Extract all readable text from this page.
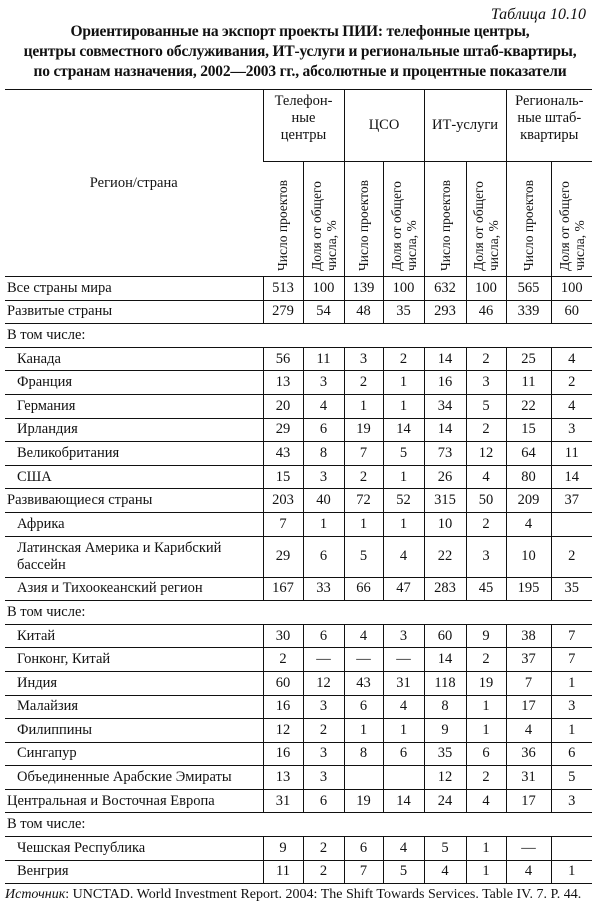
Таблица 10.10
Ориентированные на экспорт проекты ПИИ: телефонные центры,
центры совместного обслуживания, ИТ-услуги и региональные штаб-квартиры,
по странам назначения, 2002—2003 гг., абсолютные и процентные показатели
Регион/страна	Телефон-
ные
центры		ЦСО		ИТ-услуги		Региональ-
ные штаб-
квартиры	
	Число проектов	Доля от общего числа, %	Число проектов	Доля от общего числа, %	Число проектов	Доля от общего числа, %	Число проектов	Доля от общего числа, %
Все страны мира	513	100	139	100	632	100	565	100
Развитые страны	279	54	48	35	293	46	339	60
В том числе:								
Канада	56	11	3	2	14	2	25	4
Франция	13	3	2	1	16	3	11	2
Германия	20	4	1	1	34	5	22	4
Ирландия	29	6	19	14	14	2	15	3
Великобритания	43	8	7	5	73	12	64	11
США	15	3	2	1	26	4	80	14
Развивающиеся страны	203	40	72	52	315	50	209	37
Африка	7	1	1	1	10	2	4	
Латинская Америка и Карибский бассейн	29	6	5	4	22	3	10	2
Азия и Тихоокеанский регион	167	33	66	47	283	45	195	35
В том числе:								
Китай	30	6	4	3	60	9	38	7
Гонконг, Китай	2	—	—	—	14	2	37	7
Индия	60	12	43	31	118	19	7	1
Малайзия	16	3	6	4	8	1	17	3
Филиппины	12	2	1	1	9	1	4	1
Сингапур	16	3	8	6	35	6	36	6
Объединенные Арабские Эмираты	13	3			12	2	31	5
Центральная и Восточная Европа	31	6	19	14	24	4	17	3
В том числе:								
Чешская Республика	9	2	6	4	5	1	—	
Венгрия	11	2	7	5	4	1	4	1
Источник: UNCTAD. World Investment Report. 2004: The Shift Towards Services. Table IV. 7. P. 44.
